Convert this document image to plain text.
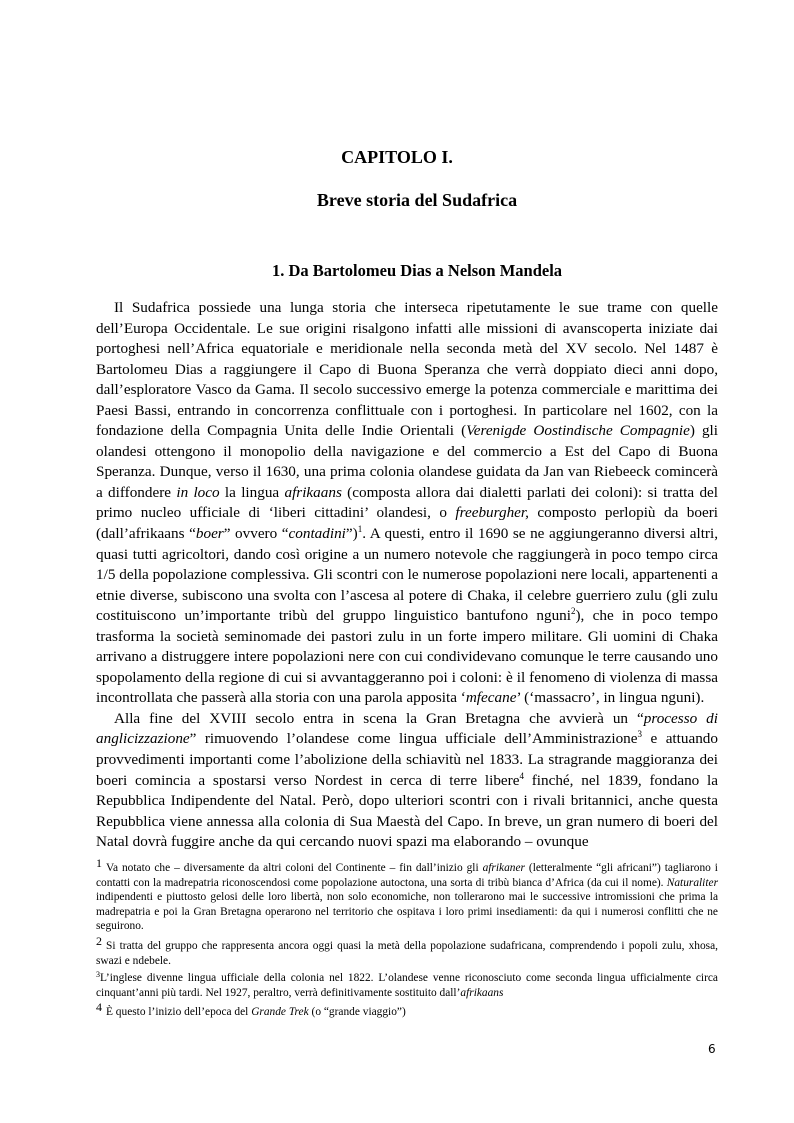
CAPITOLO I.
Breve storia del Sudafrica
1. Da Bartolomeu Dias a Nelson Mandela

Il Sudafrica possiede una lunga storia che interseca ripetutamente le sue trame con quelle dell’Europa Occidentale. Le sue origini risalgono infatti alle missioni di avanscoperta iniziate dai portoghesi nell’Africa equatoriale e meridionale nella seconda metà del XV secolo. Nel 1487 è Bartolomeu Dias a raggiungere il Capo di Buona Speranza che verrà doppiato dieci anni dopo, dall’esploratore Vasco da Gama. Il secolo successivo emerge la potenza commerciale e marittima dei Paesi Bassi, entrando in concorrenza conflittuale con i portoghesi. In particolare nel 1602, con la fondazione della Compagnia Unita delle Indie Orientali (Verenigde Oostindische Compagnie) gli olandesi ottengono il monopolio della navigazione e del commercio a Est del Capo di Buona Speranza. Dunque, verso il 1630, una prima colonia olandese guidata da Jan van Riebeeck comincerà a diffondere in loco la lingua afrikaans (composta allora dai dialetti parlati dei coloni): si tratta del primo nucleo ufficiale di ‘liberi cittadini’ olandesi, o freeburgher, composto perlopiù da boeri (dall’afrikaans “boer” ovvero “contadini”)$^1$. A questi, entro il 1690 se ne aggiungeranno diversi altri, quasi tutti agricoltori, dando così origine a un numero notevole che raggiungerà in poco tempo circa 1/5 della popolazione complessiva. Gli scontri con le numerose popolazioni nere locali, appartenenti a etnie diverse, subiscono una svolta con l’ascesa al potere di Chaka, il celebre guerriero zulu (gli zulu costituiscono un’importante tribù del gruppo linguistico bantufono nguni$^2$), che in poco tempo trasforma la società seminomade dei pastori zulu in un forte impero militare. Gli uomini di Chaka arrivano a distruggere intere popolazioni nere con cui condividevano comunque le terre causando uno spopolamento della regione di cui si avvantaggeranno poi i coloni: è il fenomeno di violenza di massa incontrollata che passerà alla storia con una parola apposita ‘mfecane’ (‘massacro’, in lingua nguni).

Alla fine del XVIII secolo entra in scena la Gran Bretagna che avvierà un “processo di anglicizzazione” rimuovendo l’olandese come lingua ufficiale dell’Amministrazione$^3$ e attuando provvedimenti importanti come l’abolizione della schiavitù nel 1833. La stragrande maggioranza dei boeri comincia a spostarsi verso Nordest in cerca di terre libere$^4$ finché, nel 1839, fondano la Repubblica Indipendente del Natal. Però, dopo ulteriori scontri con i rivali britannici, anche questa Repubblica viene annessa alla colonia di Sua Maestà del Capo. In breve, un gran numero di boeri del Natal dovrà fuggire anche da qui cercando nuovi spazi ma elaborando – ovunque

1 Va notato che – diversamente da altri coloni del Continente – fin dall’inizio gli afrikaner (letteralmente “gli africani”) tagliarono i contatti con la madrepatria riconoscendosi come popolazione autoctona, una sorta di tribù bianca d’Africa (da cui il nome). Naturaliter indipendenti e piuttosto gelosi delle loro libertà, non solo economiche, non tollerarono mai le successive intromissioni che prima la madrepatria e poi la Gran Bretagna operarono nel territorio che ospitava i loro primi insediamenti: da qui i numerosi conflitti che ne seguirono.

2 Si tratta del gruppo che rappresenta ancora oggi quasi la metà della popolazione sudafricana, comprendendo i popoli zulu, xhosa, swazi e ndebele.

$^3$L’inglese divenne lingua ufficiale della colonia nel 1822. L’olandese venne riconosciuto come seconda lingua ufficialmente circa cinquant’anni più tardi. Nel 1927, peraltro, verrà definitivamente sostituito dall’afrikaans

4 È questo l’inizio dell’epoca del Grande Trek (o “grande viaggio”)

6
